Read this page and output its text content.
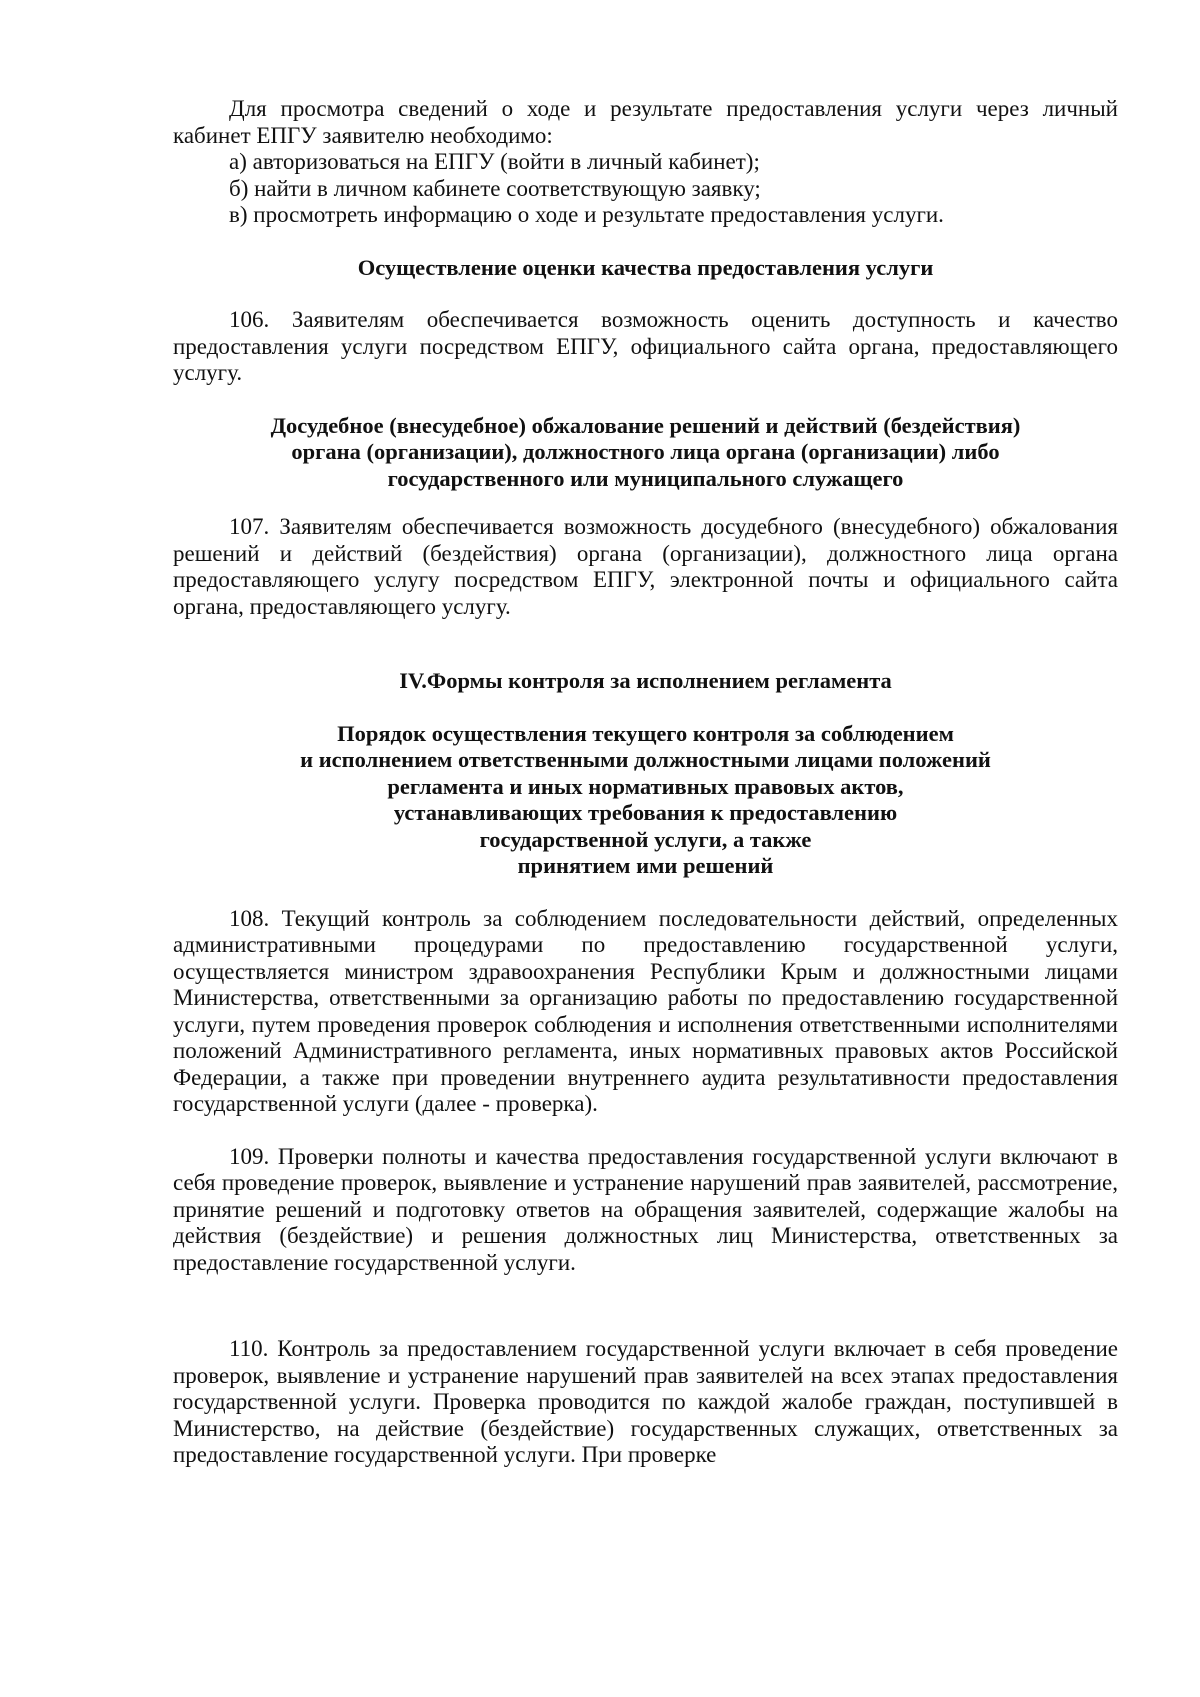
Для просмотра сведений о ходе и результате предоставления услуги через личный кабинет ЕПГУ заявителю необходимо:

а) авторизоваться на ЕПГУ (войти в личный кабинет);

б) найти в личном кабинете соответствующую заявку;

в) просмотреть информацию о ходе и результате предоставления услуги.

Осуществление оценки качества предоставления услуги

106. Заявителям обеспечивается возможность оценить доступность и качество предоставления услуги посредством ЕПГУ, официального сайта органа, предоставляющего услугу.

Досудебное (внесудебное) обжалование решений и действий (бездействия)
органа (организации), должностного лица органа (организации) либо
государственного или муниципального служащего

107. Заявителям обеспечивается возможность досудебного (внесудебного) обжалования решений и действий (бездействия) органа (организации), должностного лица органа предоставляющего услугу посредством ЕПГУ, электронной почты и официального сайта органа, предоставляющего услугу.

IV.Формы контроля за исполнением регламента
Порядок осуществления текущего контроля за соблюдением
и исполнением ответственными должностными лицами положений
регламента и иных нормативных правовых актов,
устанавливающих требования к предоставлению
государственной услуги, а также
принятием ими решений

108. Текущий контроль за соблюдением последовательности действий, определенных административными процедурами по предоставлению государственной услуги, осуществляется министром здравоохранения Республики Крым и должностными лицами Министерства, ответственными за организацию работы по предоставлению государственной услуги, путем проведения проверок соблюдения и исполнения ответственными исполнителями положений Административного регламента, иных нормативных правовых актов Российской Федерации, а также при проведении внутреннего аудита результативности предоставления государственной услуги (далее - проверка).

109. Проверки полноты и качества предоставления государственной услуги включают в себя проведение проверок, выявление и устранение нарушений прав заявителей, рассмотрение, принятие решений и подготовку ответов на обращения заявителей, содержащие жалобы на действия (бездействие) и решения должностных лиц Министерства, ответственных за предоставление государственной услуги.

110. Контроль за предоставлением государственной услуги включает в себя проведение проверок, выявление и устранение нарушений прав заявителей на всех этапах предоставления государственной услуги. Проверка проводится по каждой жалобе граждан, поступившей в Министерство, на действие (бездействие) государственных служащих, ответственных за предоставление государственной услуги. При проверке
